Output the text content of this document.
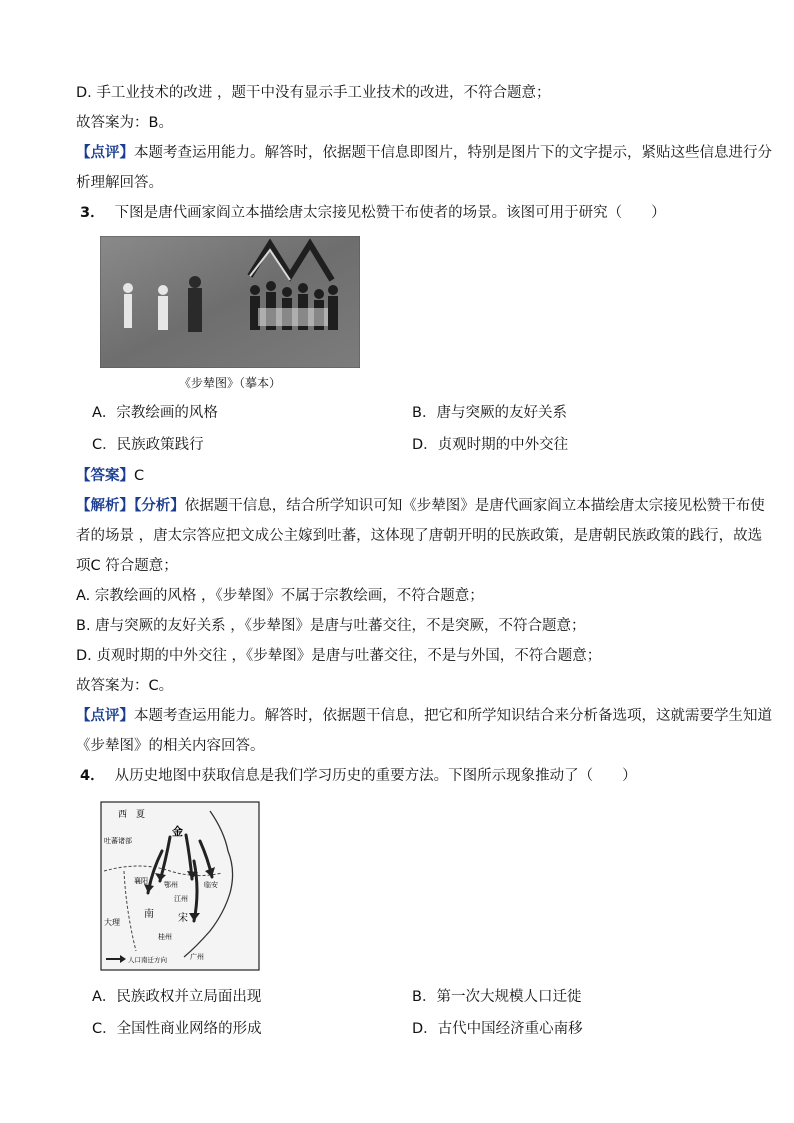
D. 手工业技术的改进 ，题干中没有显示手工业技术的改进，不符合题意；
故答案为：B。
【点评】本题考查运用能力。解答时，依据题干信息即图片，特别是图片下的文字提示，紧贴这些信息进行分析理解回答。
3． 下图是唐代画家阎立本描绘唐太宗接见松赞干布使者的场景。该图可用于研究（　　）
《步辇图》（摹本）
A．宗教绘画的风格	B．唐与突厥的友好关系
C．民族政策践行	D．贞观时期的中外交往
【答案】C
【解析】【分析】依据题干信息，结合所学知识可知《步辇图》是唐代画家阎立本描绘唐太宗接见松赞干布使者的场景 ，唐太宗答应把文成公主嫁到吐蕃，这体现了唐朝开明的民族政策，是唐朝民族政策的践行，故选项C 符合题意；
A. 宗教绘画的风格 ，《步辇图》不属于宗教绘画，不符合题意；
B. 唐与突厥的友好关系 ，《步辇图》是唐与吐蕃交往，不是突厥，不符合题意；
D. 贞观时期的中外交往 ，《步辇图》是唐与吐蕃交往，不是与外国，不符合题意；
故答案为：C。
【点评】本题考查运用能力。解答时，依据题干信息，把它和所学知识结合来分析备选项，这就需要学生知道《步辇图》的相关内容回答。
4． 从历史地图中获取信息是我们学习历史的重要方法。下图所示现象推动了（　　）
西　夏
金
吐蕃诸部
襄阳 鄂州
江州
临安
南 宋
桂州
大理
广州
人口南迁方向
A．民族政权并立局面出现	B．第一次大规模人口迁徙
C．全国性商业网络的形成	D．古代中国经济重心南移
